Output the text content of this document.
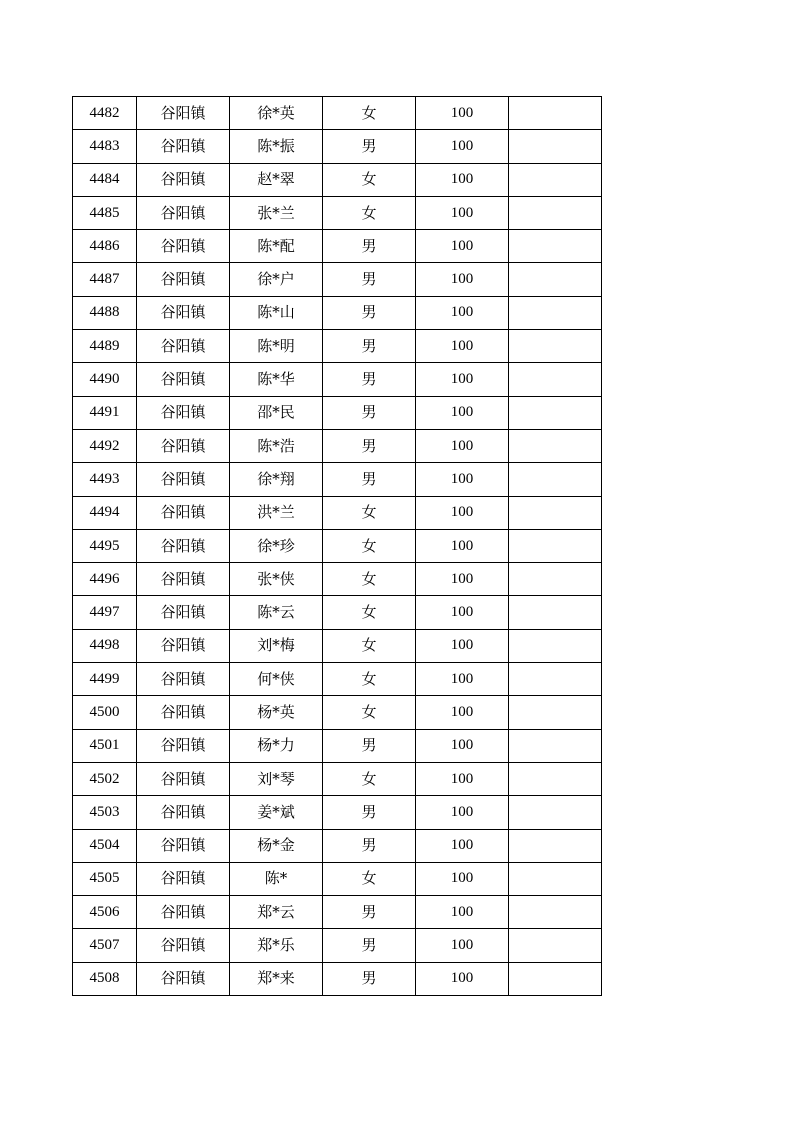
4482	谷阳镇	徐*英	女	100	
4483	谷阳镇	陈*振	男	100	
4484	谷阳镇	赵*翠	女	100	
4485	谷阳镇	张*兰	女	100	
4486	谷阳镇	陈*配	男	100	
4487	谷阳镇	徐*户	男	100	
4488	谷阳镇	陈*山	男	100	
4489	谷阳镇	陈*明	男	100	
4490	谷阳镇	陈*华	男	100	
4491	谷阳镇	邵*民	男	100	
4492	谷阳镇	陈*浩	男	100	
4493	谷阳镇	徐*翔	男	100	
4494	谷阳镇	洪*兰	女	100	
4495	谷阳镇	徐*珍	女	100	
4496	谷阳镇	张*侠	女	100	
4497	谷阳镇	陈*云	女	100	
4498	谷阳镇	刘*梅	女	100	
4499	谷阳镇	何*侠	女	100	
4500	谷阳镇	杨*英	女	100	
4501	谷阳镇	杨*力	男	100	
4502	谷阳镇	刘*琴	女	100	
4503	谷阳镇	姜*斌	男	100	
4504	谷阳镇	杨*金	男	100	
4505	谷阳镇	陈*	女	100	
4506	谷阳镇	郑*云	男	100	
4507	谷阳镇	郑*乐	男	100	
4508	谷阳镇	郑*来	男	100	
